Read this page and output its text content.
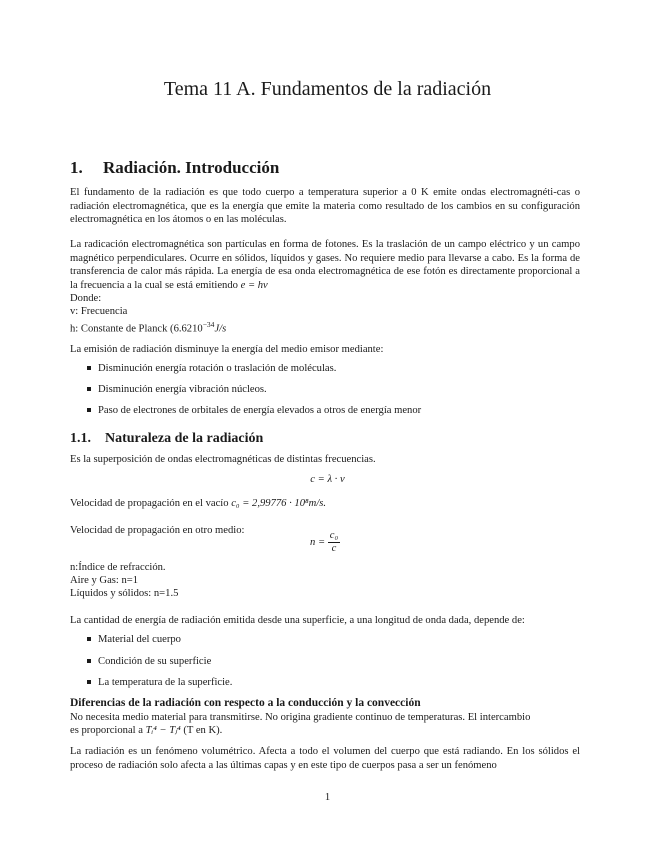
Tema 11 A. Fundamentos de la radiación
1. Radiación. Introducción
El fundamento de la radiación es que todo cuerpo a temperatura superior a 0 K emite ondas electromagnéti-cas o radiación electromagnética, que es la energía que emite la materia como resultado de los cambios en su configuración electromagnética en los átomos o en las moléculas.
La radicación electromagnética son partículas en forma de fotones. Es la traslación de un campo eléctrico y un campo magnético perpendiculares. Ocurre en sólidos, líquidos y gases. No requiere medio para llevarse a cabo. Es la forma de transferencia de calor más rápida. La energía de esa onda electromagnética de ese fotón es directamente proporcional a la frecuencia a la cual se está emitiendo e = hv
Donde:
v: Frecuencia
h: Constante de Planck ($6.6210^{-34}J/s$
La emisión de radiación disminuye la energía del medio emisor mediante:
Disminución energía rotación o traslación de moléculas.
Disminución energía vibración núcleos.
Paso de electrones de orbitales de energía elevados a otros de energía menor
1.1. Naturaleza de la radiación
Es la superposición de ondas electromagnéticas de distintas frecuencias.
c = λ · ν
Velocidad de propagación en el vacío c₀ = 2,99776 · 10⁸m/s.
Velocidad de propagación en otro medio:
$n = \frac{\text{c₀}}{c}$
n:Índice de refracción.
Aire y Gas: n=1
Líquidos y sólidos: n=1.5
La cantidad de energía de radiación emitida desde una superficie, a una longitud de onda dada, depende de:
Material del cuerpo
Condición de su superficie
La temperatura de la superficie.
Diferencias de la radiación con respecto a la conducción y la convección
No necesita medio material para transmitirse. No origina gradiente continuo de temperaturas. El intercambio
es proporcional a Tᵢ⁴ − Tⱼ⁴ (T en K).
La radiación es un fenómeno volumétrico. Afecta a todo el volumen del cuerpo que está radiando. En los sólidos el proceso de radiación solo afecta a las últimas capas y en este tipo de cuerpos pasa a ser un fenómeno
1
